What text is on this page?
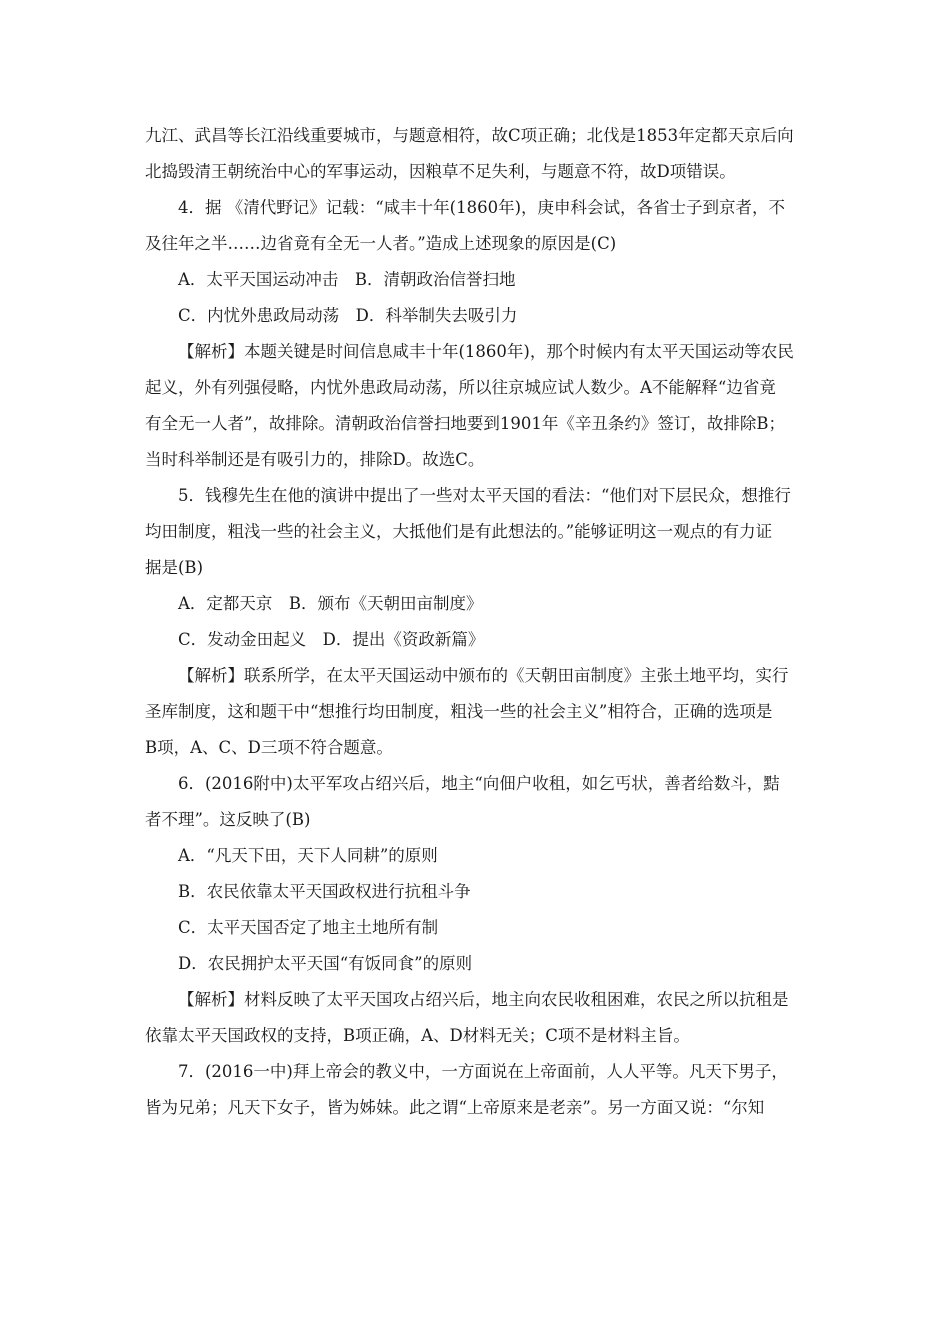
九江、武昌等长江沿线重要城市，与题意相符，故C项正确；北伐是1853年定都天京后向
北捣毁清王朝统治中心的军事运动，因粮草不足失利，与题意不符，故D项错误。
4．据 《清代野记》记载：“咸丰十年(1860年)，庚申科会试，各省士子到京者，不
及往年之半……边省竟有全无一人者。”造成上述现象的原因是(C)
A．太平天国运动冲击　B．清朝政治信誉扫地
C．内忧外患政局动荡　D．科举制失去吸引力
【解析】本题关键是时间信息咸丰十年(1860年)，那个时候内有太平天国运动等农民
起义，外有列强侵略，内忧外患政局动荡，所以往京城应试人数少。A不能解释“边省竟
有全无一人者”，故排除。清朝政治信誉扫地要到1901年《辛丑条约》签订，故排除B；
当时科举制还是有吸引力的，排除D。故选C。
5．钱穆先生在他的演讲中提出了一些对太平天国的看法：“他们对下层民众，想推行
均田制度，粗浅一些的社会主义，大抵他们是有此想法的。”能够证明这一观点的有力证
据是(B)
A．定都天京　B．颁布《天朝田亩制度》
C．发动金田起义　D．提出《资政新篇》
【解析】联系所学，在太平天国运动中颁布的《天朝田亩制度》主张土地平均，实行
圣库制度，这和题干中“想推行均田制度，粗浅一些的社会主义”相符合，正确的选项是
B项，A、C、D三项不符合题意。
6．(2016附中)太平军攻占绍兴后，地主“向佃户收租，如乞丐状，善者给数斗，黠
者不理”。这反映了(B)
A．“凡天下田，天下人同耕”的原则
B．农民依靠太平天国政权进行抗租斗争
C．太平天国否定了地主土地所有制
D．农民拥护太平天国“有饭同食”的原则
【解析】材料反映了太平天国攻占绍兴后，地主向农民收租困难，农民之所以抗租是
依靠太平天国政权的支持，B项正确，A、D材料无关；C项不是材料主旨。
7．(2016一中)拜上帝会的教义中，一方面说在上帝面前，人人平等。凡天下男子，
皆为兄弟；凡天下女子，皆为姊妹。此之谓“上帝原来是老亲”。另一方面又说：“尔知
